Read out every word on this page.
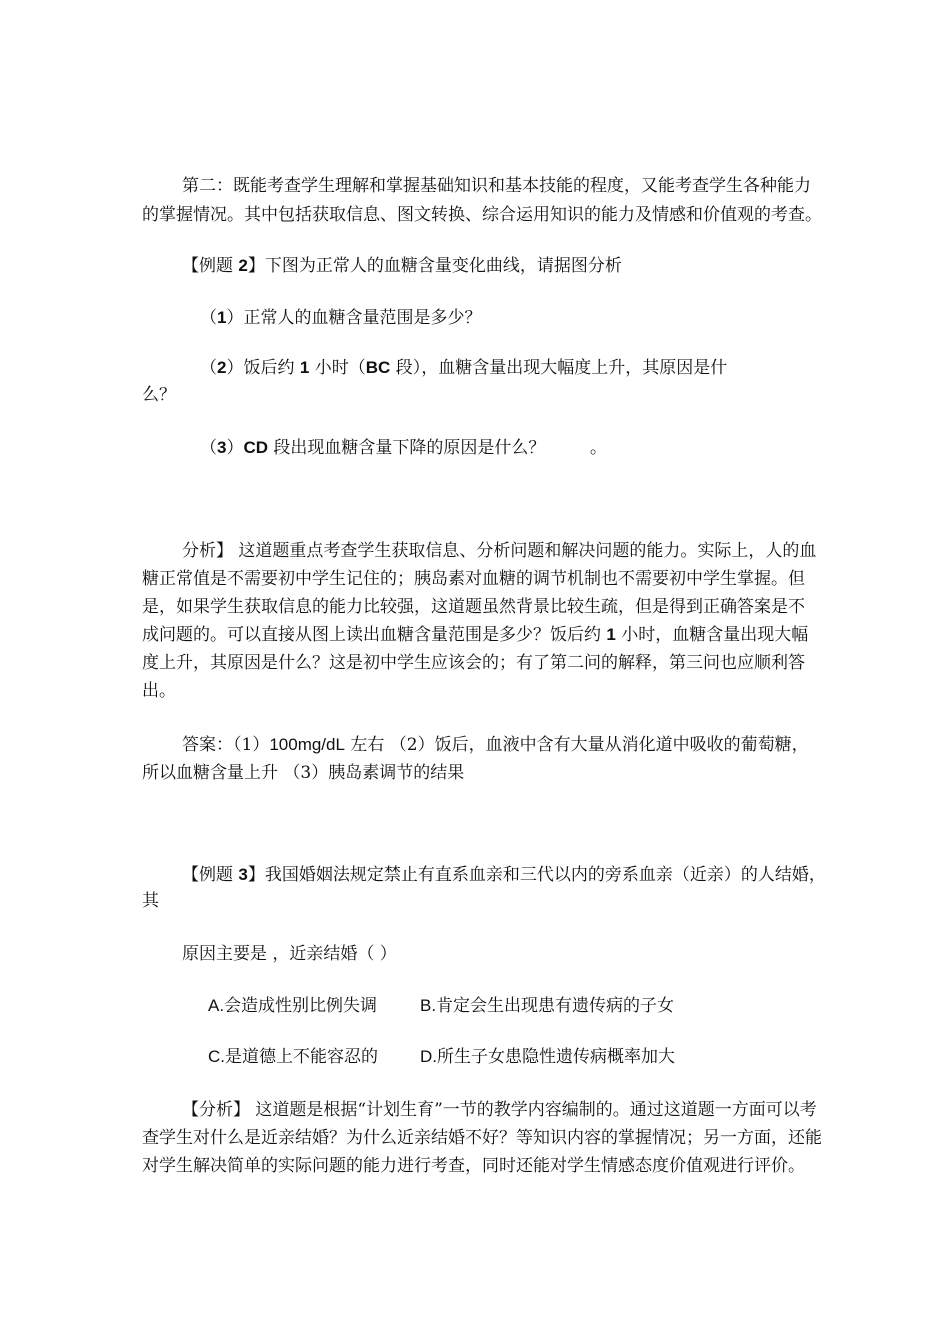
第二：既能考查学生理解和掌握基础知识和基本技能的程度，又能考查学生各种能力
的掌握情况。其中包括获取信息、图文转换、综合运用知识的能力及情感和价值观的考查。
【例题 2】下图为正常人的血糖含量变化曲线，请据图分析
（1）正常人的血糖含量范围是多少？
（2）饭后约 1 小时（BC 段），血糖含量出现大幅度上升，其原因是什
么？
（3）CD 段出现血糖含量下降的原因是什么？	。
分析】 这道题重点考查学生获取信息、分析问题和解决问题的能力。实际上，人的血
糖正常值是不需要初中学生记住的；胰岛素对血糖的调节机制也不需要初中学生掌握。但
是，如果学生获取信息的能力比较强，这道题虽然背景比较生疏，但是得到正确答案是不
成问题的。可以直接从图上读出血糖含量范围是多少？饭后约 1 小时，血糖含量出现大幅
度上升，其原因是什么？这是初中学生应该会的；有了第二问的解释，第三问也应顺利答
出。
答案：（1）100mg/dL 左右 （2）饭后，血液中含有大量从消化道中吸收的葡萄糖，
所以血糖含量上升 （3）胰岛素调节的结果
【例题 3】我国婚姻法规定禁止有直系血亲和三代以内的旁系血亲（近亲）的人结婚，
其
原因主要是 ，近亲结婚（ ）
A.会造成性别比例失调	B.肯定会生出现患有遗传病的子女
C.是道德上不能容忍的	D.所生子女患隐性遗传病概率加大
【分析】 这道题是根据“计划生育”一节的教学内容编制的。通过这道题一方面可以考
查学生对什么是近亲结婚？为什么近亲结婚不好？等知识内容的掌握情况；另一方面，还能
对学生解决简单的实际问题的能力进行考查，同时还能对学生情感态度价值观进行评价。
